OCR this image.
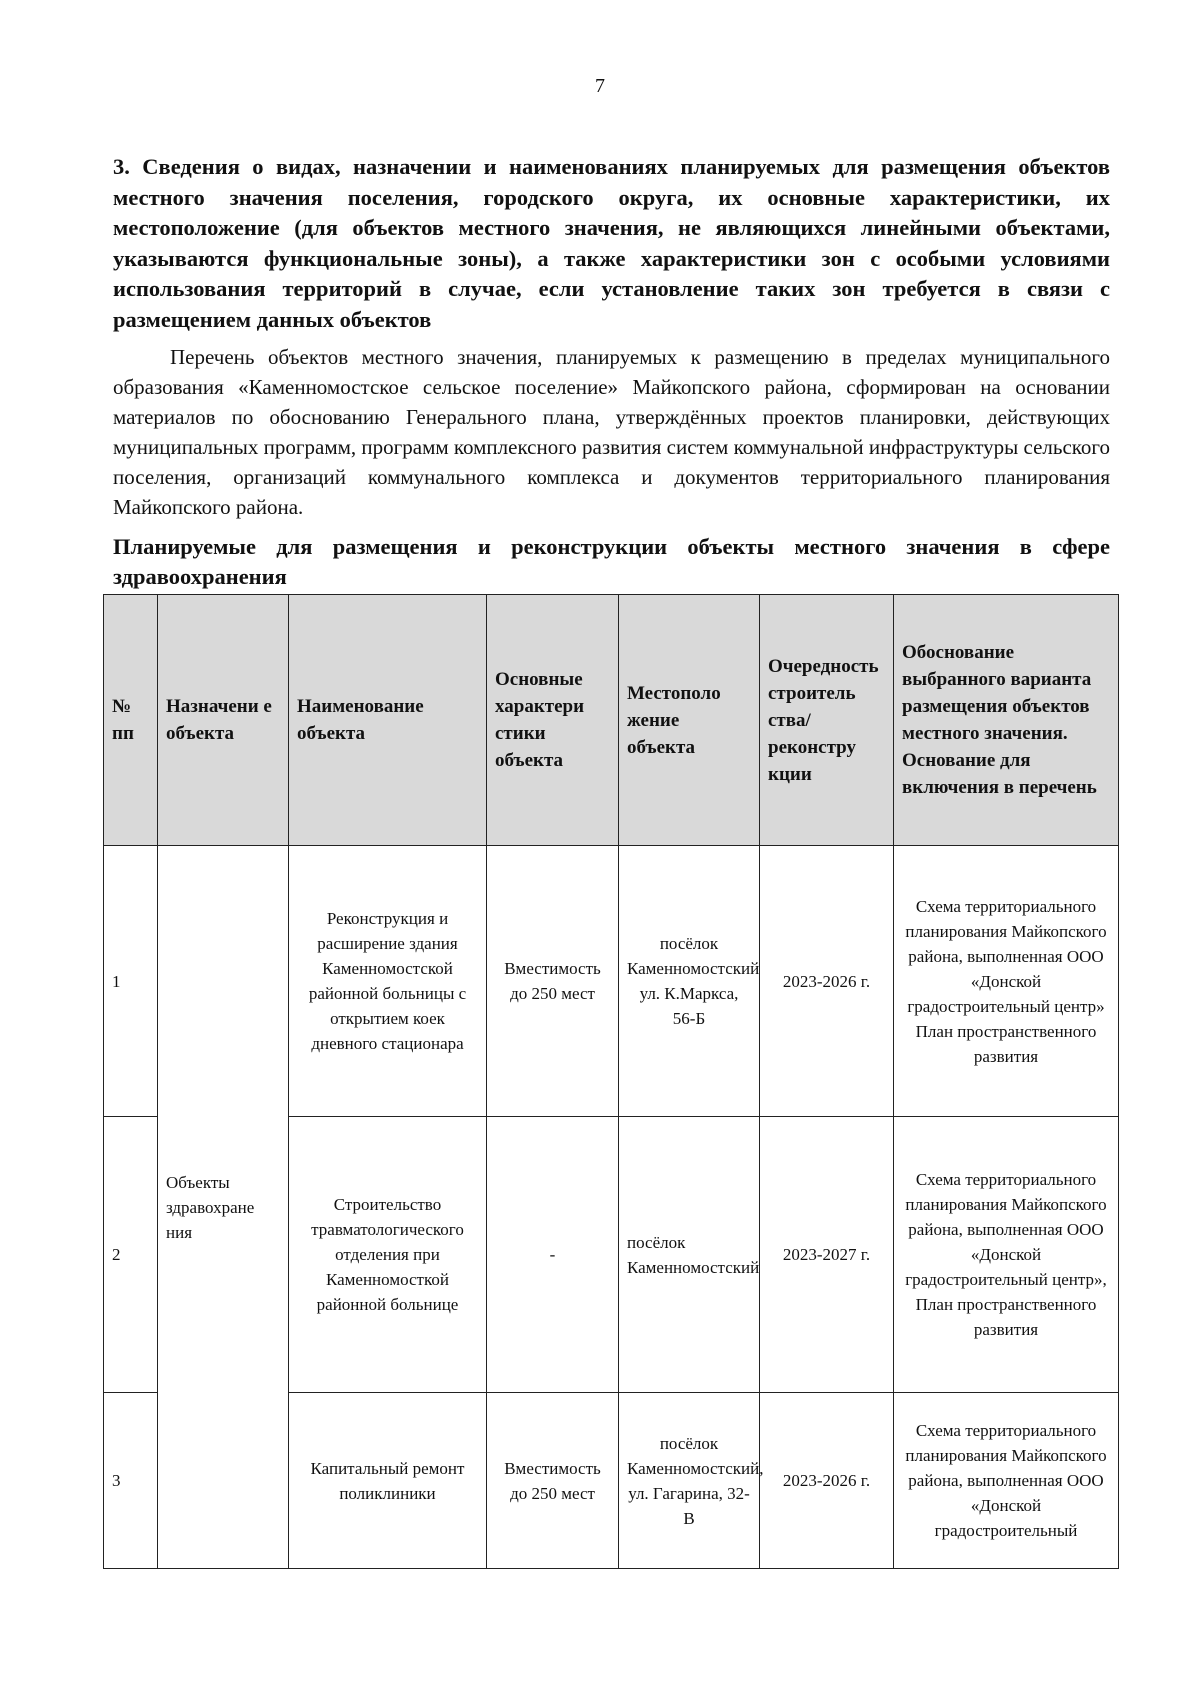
7
3. Сведения о видах, назначении и наименованиях планируемых для размещения объектов местного значения поселения, городского округа, их основные характеристики, их местоположение (для объектов местного значения, не являющихся линейными объектами, указываются функциональные зоны), а также характеристики зон с особыми условиями использования территорий в случае, если установление таких зон требуется в связи с размещением данных объектов
Перечень объектов местного значения, планируемых к размещению в пределах муниципального образования «Каменномостское сельское поселение» Майкопского района, сформирован на основании материалов по обоснованию Генерального плана, утверждённых проектов планировки, действующих муниципальных программ, программ комплексного развития систем коммунальной инфраструктуры сельского поселения, организаций коммунального комплекса и документов территориального планирования Майкопского района.
Планируемые для размещения и реконструкции объекты местного значения в сфере здравоохранения
№ пп	Назначени е объекта	Наименование объекта	Основные характери стики объекта	Местополо жение объекта	Очередность строитель ства/ реконстру кции	Обоснование выбранного варианта размещения объектов местного значения. Основание для включения в перечень
1	Объекты здравохране ния	Реконструкция и расширение здания Каменномостской районной больницы с открытием коек дневного стационара	Вместимость до 250 мест	посёлок Каменномостский ул. К.Маркса, 56-Б	2023-2026 г.	Схема территориального планирования Майкопского района, выполненная ООО «Донской градостроительный центр» План пространственного развития
2		Строительство травматологического отделения при Каменномосткой районной больнице	-	посёлок Каменномостский	2023-2027 г.	Схема территориального планирования Майкопского района, выполненная ООО «Донской градостроительный центр», План пространственного развития
3		Капитальный ремонт поликлиники	Вместимость до 250 мест	посёлок Каменномостский, ул. Гагарина, 32-В	2023-2026 г.	Схема территориального планирования Майкопского района, выполненная ООО «Донской градостроительный
